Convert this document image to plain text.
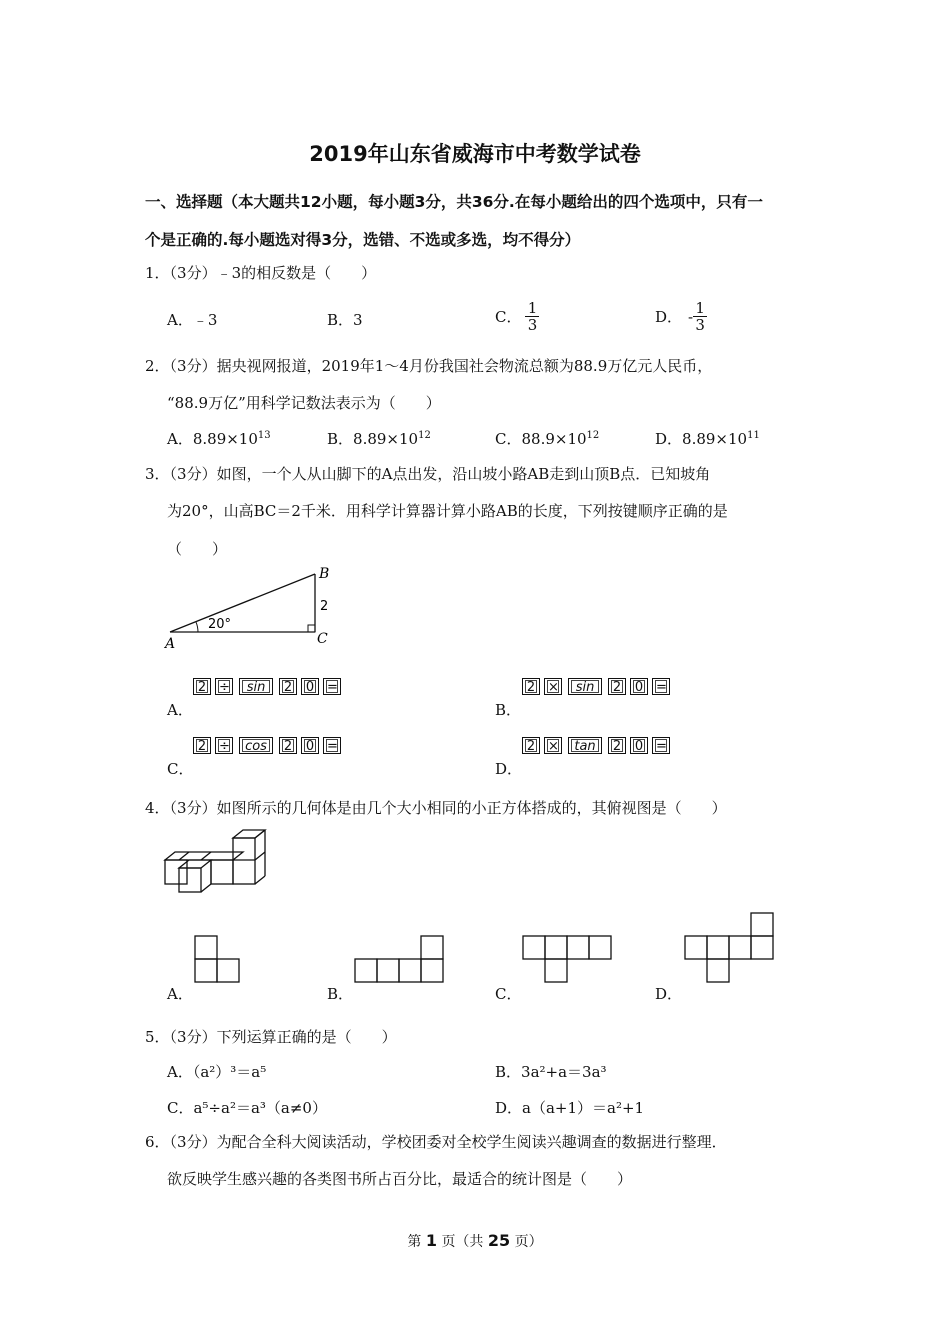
2019年山东省威海市中考数学试卷
一、选择题（本大题共12小题，每小题3分，共36分.在每小题给出的四个选项中，只有一
个是正确的.每小题选对得3分，选错、不选或多选，均不得分）
1．（3分）﹣3的相反数是（　　）
A．﹣3	B．3	C． $\frac{1}{3}$	D． - $\frac{1}{3}$
2．（3分）据央视网报道，2019年1～4月份我国社会物流总额为88.9万亿元人民币，
“88.9万亿”用科学记数法表示为（　　）
A．$8.89\times 10^{13}$	B．$8.89\times 10^{12}$	C．$88.9\times 10^{12}$	D．$8.89\times 10^{11}$
3．（3分）如图，一个人从山脚下的A点出发，沿山坡小路AB走到山顶B点．已知坡角
为20°，山高BC＝2千米．用科学计算器计算小路AB的长度，下列按键顺序正确的是
（　　）
A
B
C
20°
2
A．
2 ÷	sin	2 0 =
B．
2 ×	sin	2 0 =
C．
2 ÷ cos 2 0 =
D．
2 × tan 2 0 =
4．（3分）如图所示的几何体是由几个大小相同的小正方体搭成的，其俯视图是（　　）
A．	B．	C．	D．
5．（3分）下列运算正确的是（　　）
A．（a²）³＝a⁵	B．3a²+a＝3a³
C．a⁵÷a²＝a³（a≠0）	D．a（a+1）＝a²+1
6．（3分）为配合全科大阅读活动，学校团委对全校学生阅读兴趣调查的数据进行整理．
欲反映学生感兴趣的各类图书所占百分比，最适合的统计图是（　　）
第 1 页（共 25 页）
